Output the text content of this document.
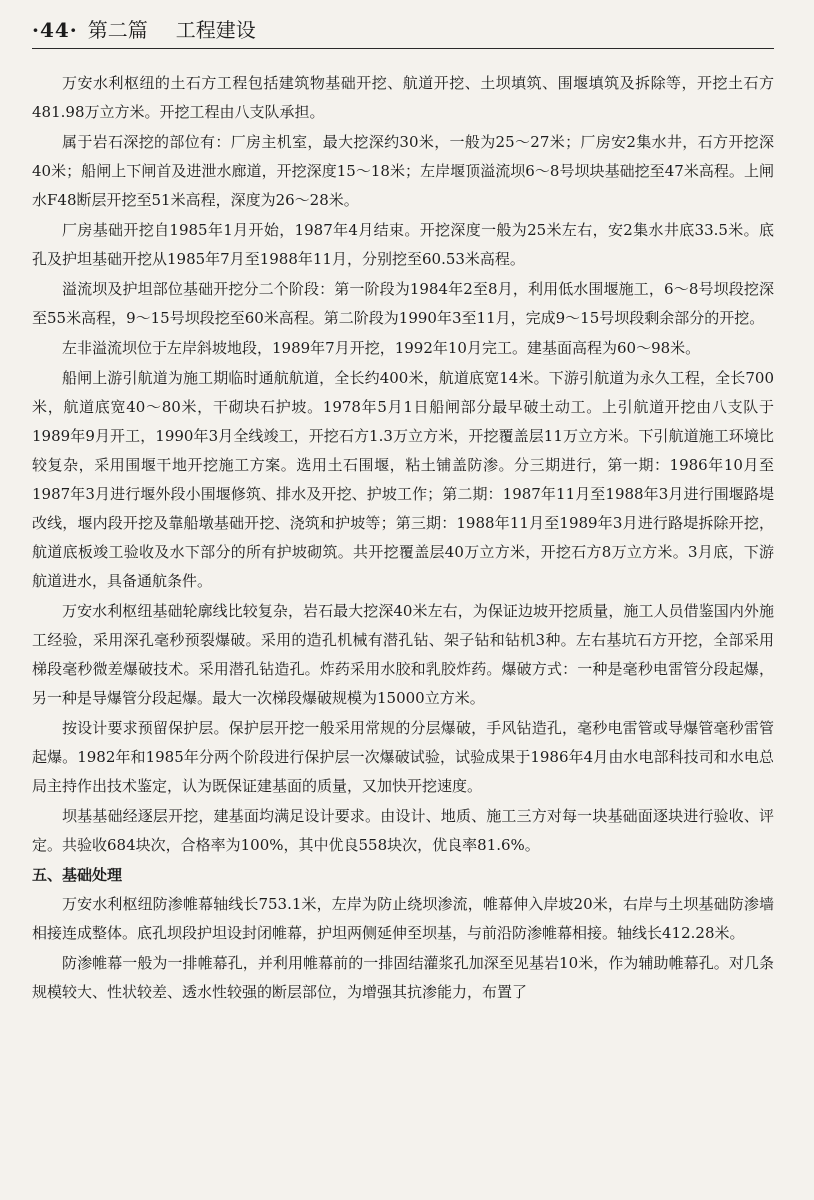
·44· 第二篇 工程建设

万安水利枢纽的土石方工程包括建筑物基础开挖、航道开挖、土坝填筑、围堰填筑及拆除等，开挖土石方481.98万立方米。开挖工程由八支队承担。

属于岩石深挖的部位有：厂房主机室，最大挖深约30米，一般为25～27米；厂房安2集水井，石方开挖深40米；船闸上下闸首及进泄水廊道，开挖深度15～18米；左岸堰顶溢流坝6～8号坝块基础挖至47米高程。上闸水F48断层开挖至51米高程，深度为26～28米。

厂房基础开挖自1985年1月开始，1987年4月结束。开挖深度一般为25米左右，安2集水井底33.5米。底孔及护坦基础开挖从1985年7月至1988年11月，分别挖至60.53米高程。

溢流坝及护坦部位基础开挖分二个阶段：第一阶段为1984年2至8月，利用低水围堰施工，6～8号坝段挖深至55米高程，9～15号坝段挖至60米高程。第二阶段为1990年3至11月，完成9～15号坝段剩余部分的开挖。

左非溢流坝位于左岸斜坡地段，1989年7月开挖，1992年10月完工。建基面高程为60～98米。

船闸上游引航道为施工期临时通航航道，全长约400米，航道底宽14米。下游引航道为永久工程，全长700米，航道底宽40～80米，干砌块石护坡。1978年5月1日船闸部分最早破土动工。上引航道开挖由八支队于1989年9月开工，1990年3月全线竣工，开挖石方1.3万立方米，开挖覆盖层11万立方米。下引航道施工环境比较复杂，采用围堰干地开挖施工方案。选用土石围堰，粘土铺盖防渗。分三期进行，第一期：1986年10月至1987年3月进行堰外段小围堰修筑、排水及开挖、护坡工作；第二期：1987年11月至1988年3月进行围堰路堤改线，堰内段开挖及靠船墩基础开挖、浇筑和护坡等；第三期：1988年11月至1989年3月进行路堤拆除开挖，航道底板竣工验收及水下部分的所有护坡砌筑。共开挖覆盖层40万立方米，开挖石方8万立方米。3月底，下游航道进水，具备通航条件。

万安水利枢纽基础轮廓线比较复杂，岩石最大挖深40米左右，为保证边坡开挖质量，施工人员借鉴国内外施工经验，采用深孔毫秒预裂爆破。采用的造孔机械有潜孔钻、架子钻和钻机3种。左右基坑石方开挖，全部采用梯段毫秒微差爆破技术。采用潜孔钻造孔。炸药采用水胶和乳胶炸药。爆破方式：一种是毫秒电雷管分段起爆，另一种是导爆管分段起爆。最大一次梯段爆破规模为15000立方米。

按设计要求预留保护层。保护层开挖一般采用常规的分层爆破，手风钻造孔，毫秒电雷管或导爆管毫秒雷管起爆。1982年和1985年分两个阶段进行保护层一次爆破试验，试验成果于1986年4月由水电部科技司和水电总局主持作出技术鉴定，认为既保证建基面的质量，又加快开挖速度。

坝基基础经逐层开挖，建基面均满足设计要求。由设计、地质、施工三方对每一块基础面逐块进行验收、评定。共验收684块次，合格率为100%，其中优良558块次，优良率81.6%。

五、基础处理

万安水利枢纽防渗帷幕轴线长753.1米，左岸为防止绕坝渗流，帷幕伸入岸坡20米，右岸与土坝基础防渗墙相接连成整体。底孔坝段护坦设封闭帷幕，护坦两侧延伸至坝基，与前沿防渗帷幕相接。轴线长412.28米。

防渗帷幕一般为一排帷幕孔，并利用帷幕前的一排固结灌浆孔加深至见基岩10米，作为辅助帷幕孔。对几条规模较大、性状较差、透水性较强的断层部位，为增强其抗渗能力，布置了
